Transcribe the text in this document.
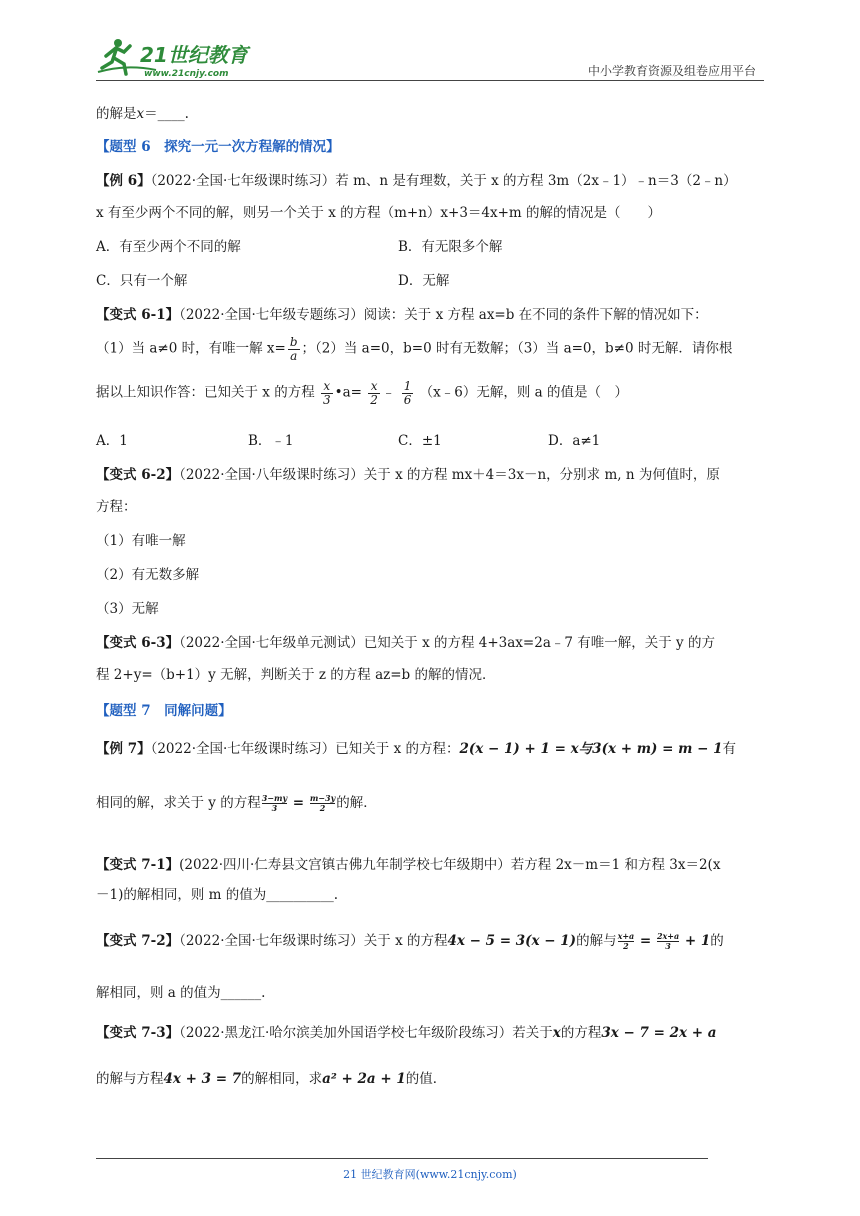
21世纪教育
www.21cnjy.com	中小学教育资源及组卷应用平台
的解是x＝____.
【题型 6　探究一元一次方程解的情况】
【例 6】（2022·全国·七年级课时练习）若 m、n 是有理数，关于 x 的方程 3m（2x﹣1）﹣n＝3（2﹣n）
x 有至少两个不同的解，则另一个关于 x 的方程（m+n）x+3＝4x+m 的解的情况是（　　）
A．有至少两个不同的解	B．有无限多个解
C．只有一个解	D．无解
【变式 6-1】（2022·全国·七年级专题练习）阅读：关于 x 方程 ax=b 在不同的条件下解的情况如下：
（1）当 a≠0 时，有唯一解 $x= \frac{b}{a}$ ；（2）当 a=0，b=0 时有无数解；（3）当 a=0，b≠0 时无解．请你根
据以上知识作答：已知关于 x 的方程 $\frac{x}{3}$ •a= $\frac{x}{2}$ ﹣ $\frac{1}{6}$ （x﹣6）无解，则 a 的值是（　）
A．1	B．﹣1	C．±1	D．a≠1
【变式 6-2】（2022·全国·八年级课时练习）关于 x 的方程 mx＋4＝3x－n，分别求 m, n 为何值时，原
方程：
（1）有唯一解
（2）有无数多解
（3）无解
【变式 6-3】（2022·全国·七年级单元测试）已知关于 x 的方程 4+3ax=2a﹣7 有唯一解，关于 y 的方
程 2+y=（b+1）y 无解，判断关于 z 的方程 az=b 的解的情况．
【题型 7　同解问题】
【例 7】（2022·全国·七年级课时练习）已知关于 x 的方程：2(x − 1) + 1 = x与3(x + m) = m − 1有
相同的解，求关于 y 的方程 $\frac{3-my}{3} = \frac{m-3y}{2}$的解．
【变式 7-1】(2022·四川·仁寿县文宫镇古佛九年制学校七年级期中）若方程 2x－m＝1 和方程 3x＝2(x
－1)的解相同，则 m 的值为__________.
【变式 7-2】（2022·全国·七年级课时练习）关于 x 的方程4x − 5 = 3(x − 1)的解与 $\frac{x+a}{2} = \frac{2x+a}{3} + 1$的
解相同，则 a 的值为______.
【变式 7-3】（2022·黑龙江·哈尔滨美加外国语学校七年级阶段练习）若关于x的方程3x − 7 = 2x + a
的解与方程4x + 3 = 7的解相同，求a² + 2a + 1的值．
21 世纪教育网(www.21cnjy.com)
